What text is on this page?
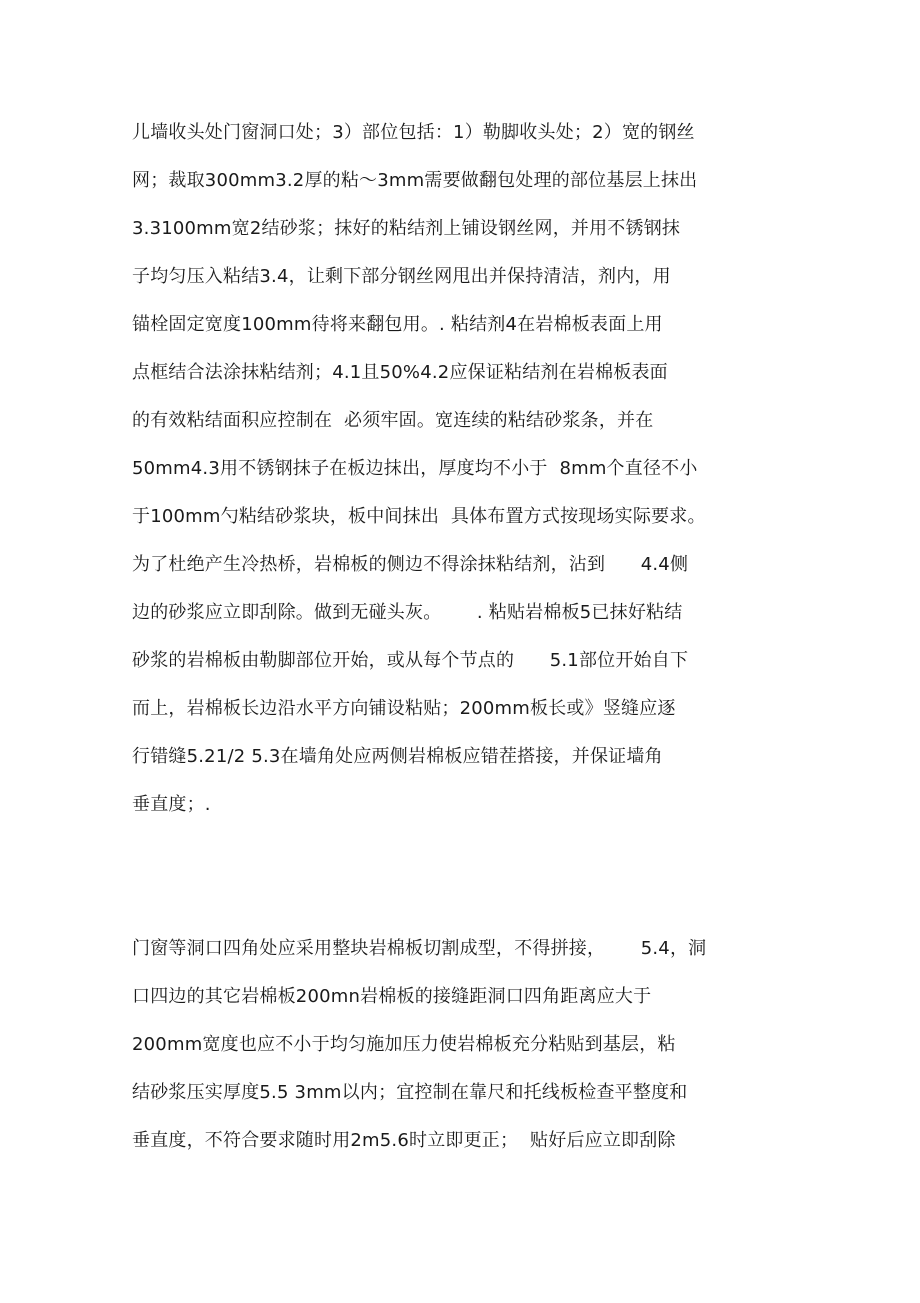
儿墙收头处门窗洞口处；3）部位包括：1）勒脚收头处；2）宽的钢丝
网；裁取300mm3.2厚的粘～3mm需要做翻包处理的部位基层上抹出
3.3100mm宽2结砂浆；抹好的粘结剂上铺设钢丝网，并用不锈钢抹
子均匀压入粘结3.4，让剩下部分钢丝网甩出并保持清洁，剂内，用
锚栓固定宽度100mm待将来翻包用。. 粘结剂4在岩棉板表面上用
点框结合法涂抹粘结剂；4.1且50%4.2应保证粘结剂在岩棉板表面
的有效粘结面积应控制在  必须牢固。宽连续的粘结砂浆条，并在
50mm4.3用不锈钢抹子在板边抹出，厚度均不小于  8mm个直径不小
于100mm勺粘结砂浆块，板中间抹出  具体布置方式按现场实际要求。
为了杜绝产生冷热桥，岩棉板的侧边不得涂抹粘结剂，沾到      4.4侧
边的砂浆应立即刮除。做到无碰头灰。      . 粘贴岩棉板5已抹好粘结
砂浆的岩棉板由勒脚部位开始，或从每个节点的      5.1部位开始自下
而上，岩棉板长边沿水平方向铺设粘贴；200mm板长或》竖缝应逐
行错缝5.21/2 5.3在墙角处应两侧岩棉板应错茬搭接，并保证墙角
垂直度；.
门窗等洞口四角处应采用整块岩棉板切割成型，不得拼接，      5.4，洞
口四边的其它岩棉板200mn岩棉板的接缝距洞口四角距离应大于
200mm宽度也应不小于均匀施加压力使岩棉板充分粘贴到基层，粘
结砂浆压实厚度5.5 3mm以内；宜控制在靠尺和托线板检查平整度和
垂直度，不符合要求随时用2m5.6时立即更正；  贴好后应立即刮除
